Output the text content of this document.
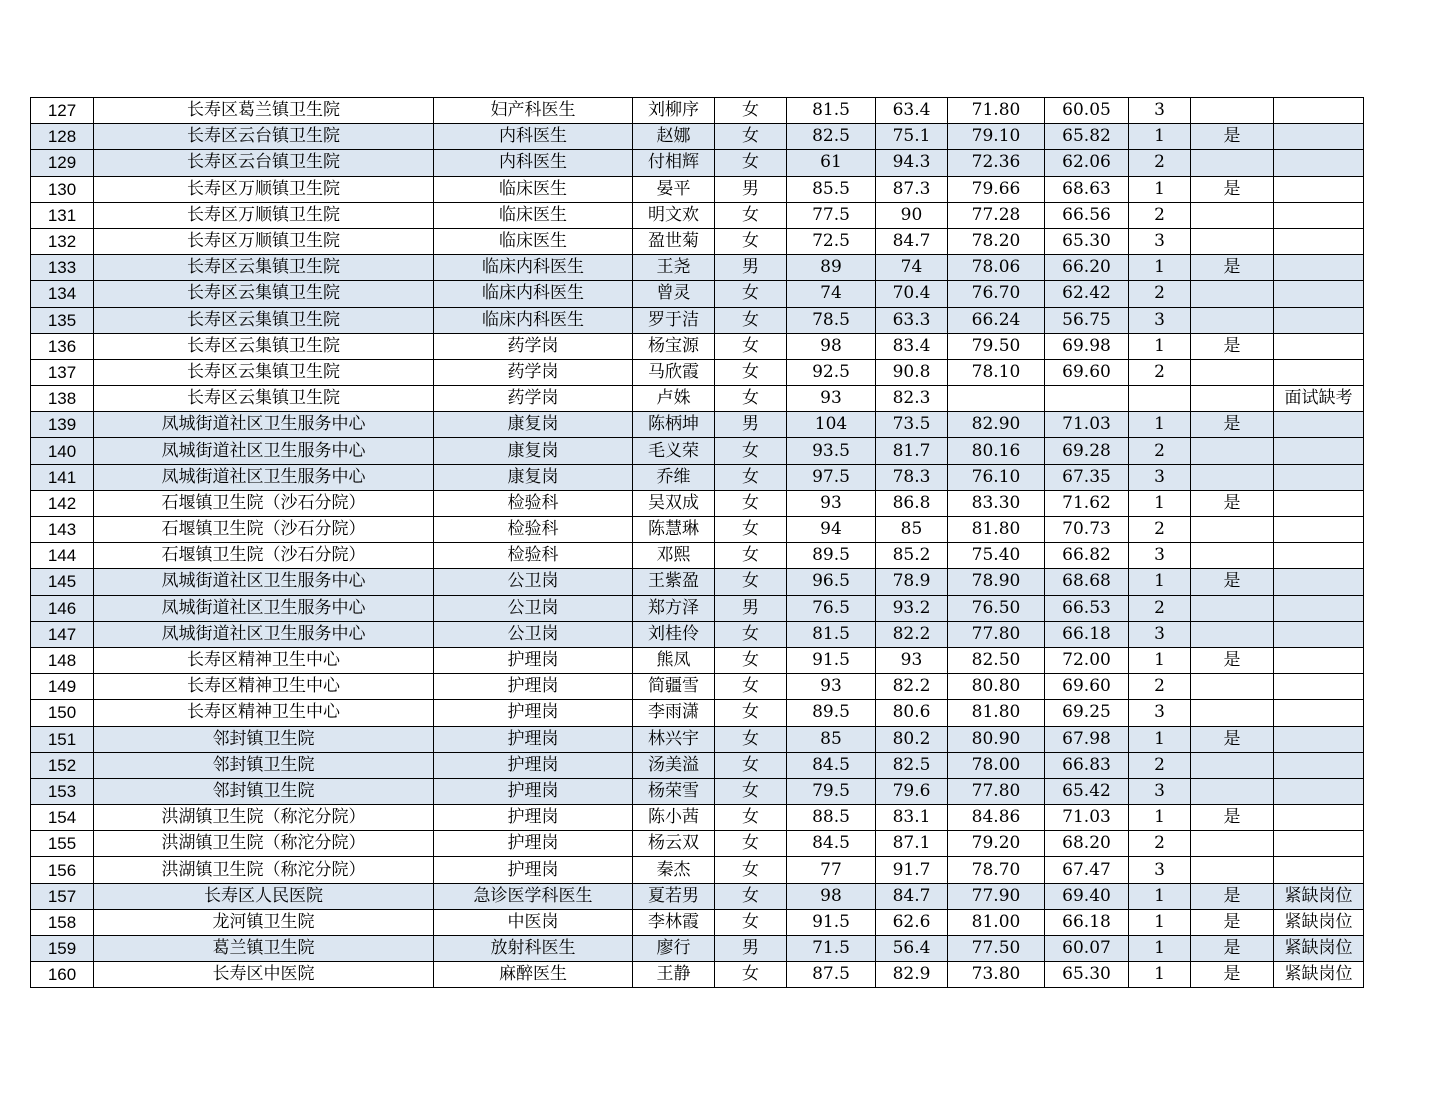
127	长寿区葛兰镇卫生院	妇产科医生	刘柳序	女	81.5	63.4	71.80	60.05	3		
128	长寿区云台镇卫生院	内科医生	赵娜	女	82.5	75.1	79.10	65.82	1	是	
129	长寿区云台镇卫生院	内科医生	付相辉	女	61	94.3	72.36	62.06	2		
130	长寿区万顺镇卫生院	临床医生	晏平	男	85.5	87.3	79.66	68.63	1	是	
131	长寿区万顺镇卫生院	临床医生	明文欢	女	77.5	90	77.28	66.56	2		
132	长寿区万顺镇卫生院	临床医生	盈世菊	女	72.5	84.7	78.20	65.30	3		
133	长寿区云集镇卫生院	临床内科医生	王尧	男	89	74	78.06	66.20	1	是	
134	长寿区云集镇卫生院	临床内科医生	曾灵	女	74	70.4	76.70	62.42	2		
135	长寿区云集镇卫生院	临床内科医生	罗于洁	女	78.5	63.3	66.24	56.75	3		
136	长寿区云集镇卫生院	药学岗	杨宝源	女	98	83.4	79.50	69.98	1	是	
137	长寿区云集镇卫生院	药学岗	马欣霞	女	92.5	90.8	78.10	69.60	2		
138	长寿区云集镇卫生院	药学岗	卢姝	女	93	82.3					面试缺考
139	凤城街道社区卫生服务中心	康复岗	陈柄坤	男	104	73.5	82.90	71.03	1	是	
140	凤城街道社区卫生服务中心	康复岗	毛义荣	女	93.5	81.7	80.16	69.28	2		
141	凤城街道社区卫生服务中心	康复岗	乔维	女	97.5	78.3	76.10	67.35	3		
142	石堰镇卫生院（沙石分院）	检验科	吴双成	女	93	86.8	83.30	71.62	1	是	
143	石堰镇卫生院（沙石分院）	检验科	陈慧琳	女	94	85	81.80	70.73	2		
144	石堰镇卫生院（沙石分院）	检验科	邓熙	女	89.5	85.2	75.40	66.82	3		
145	凤城街道社区卫生服务中心	公卫岗	王紫盈	女	96.5	78.9	78.90	68.68	1	是	
146	凤城街道社区卫生服务中心	公卫岗	郑方泽	男	76.5	93.2	76.50	66.53	2		
147	凤城街道社区卫生服务中心	公卫岗	刘桂伶	女	81.5	82.2	77.80	66.18	3		
148	长寿区精神卫生中心	护理岗	熊凤	女	91.5	93	82.50	72.00	1	是	
149	长寿区精神卫生中心	护理岗	简疆雪	女	93	82.2	80.80	69.60	2		
150	长寿区精神卫生中心	护理岗	李雨潇	女	89.5	80.6	81.80	69.25	3		
151	邻封镇卫生院	护理岗	林兴宇	女	85	80.2	80.90	67.98	1	是	
152	邻封镇卫生院	护理岗	汤美溢	女	84.5	82.5	78.00	66.83	2		
153	邻封镇卫生院	护理岗	杨荣雪	女	79.5	79.6	77.80	65.42	3		
154	洪湖镇卫生院（称沱分院）	护理岗	陈小茜	女	88.5	83.1	84.86	71.03	1	是	
155	洪湖镇卫生院（称沱分院）	护理岗	杨云双	女	84.5	87.1	79.20	68.20	2		
156	洪湖镇卫生院（称沱分院）	护理岗	秦杰	女	77	91.7	78.70	67.47	3		
157	长寿区人民医院	急诊医学科医生	夏若男	女	98	84.7	77.90	69.40	1	是	紧缺岗位
158	龙河镇卫生院	中医岗	李林霞	女	91.5	62.6	81.00	66.18	1	是	紧缺岗位
159	葛兰镇卫生院	放射科医生	廖行	男	71.5	56.4	77.50	60.07	1	是	紧缺岗位
160	长寿区中医院	麻醉医生	王静	女	87.5	82.9	73.80	65.30	1	是	紧缺岗位
